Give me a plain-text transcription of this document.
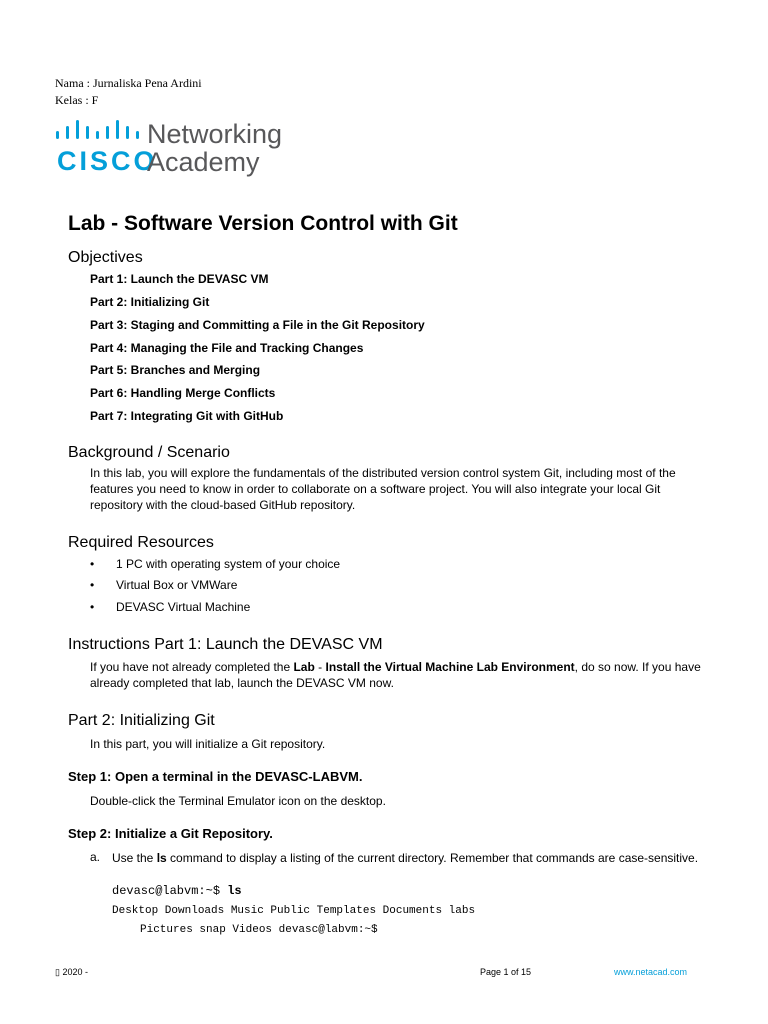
Nama : Jurnaliska Pena Ardini
Kelas : F
CISCO
Networking
Academy
Lab - Software Version Control with Git
Objectives
Part 1: Launch the DEVASC VM
Part 2: Initializing Git
Part 3: Staging and Committing a File in the Git Repository
Part 4: Managing the File and Tracking Changes
Part 5: Branches and Merging
Part 6: Handling Merge Conflicts
Part 7: Integrating Git with GitHub
Background / Scenario
In this lab, you will explore the fundamentals of the distributed version control system Git, including most of the features you need to know in order to collaborate on a software project. You will also integrate your local Git repository with the cloud-based GitHub repository.
Required Resources
• 1 PC with operating system of your choice
• Virtual Box or VMWare
• DEVASC Virtual Machine
Instructions Part 1: Launch the DEVASC VM
If you have not already completed the Lab - Install the Virtual Machine Lab Environment, do so now. If you have already completed that lab, launch the DEVASC VM now.
Part 2: Initializing Git
In this part, you will initialize a Git repository.
Step 1: Open a terminal in the DEVASC-LABVM.
Double-click the Terminal Emulator icon on the desktop.
Step 2: Initialize a Git Repository.
a. Use the ls command to display a listing of the current directory. Remember that commands are case-sensitive.
devasc@labvm:~$ ls
Desktop Downloads Music Public Templates Documents labs
Pictures snap Videos devasc@labvm:~$
▯ 2020 -	Page 1 of 15	www.netacad.com
